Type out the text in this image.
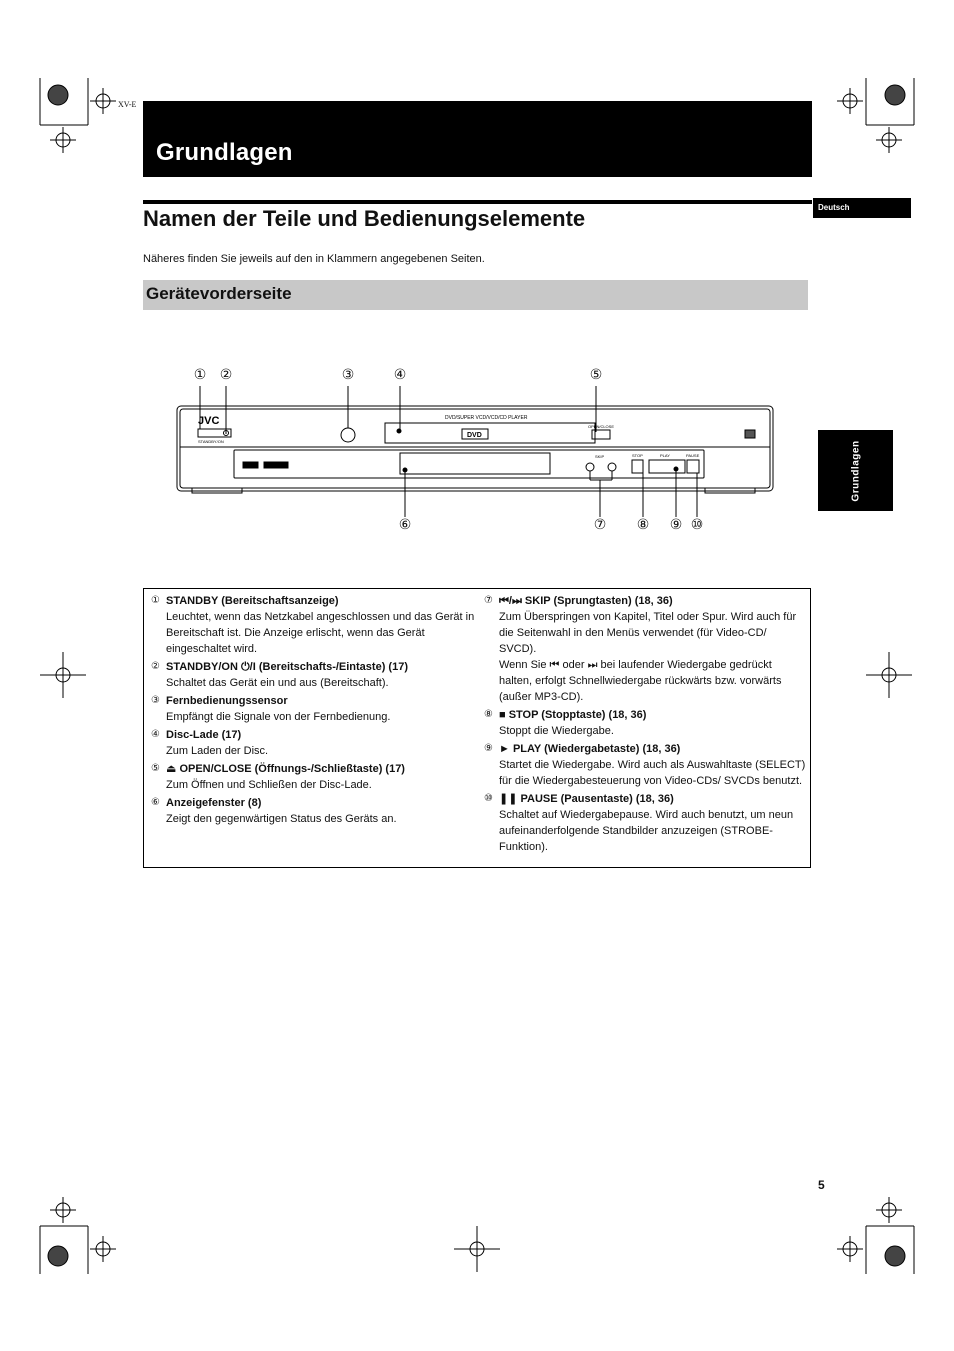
XV-E
Grundlagen
Deutsch
Grundlagen
Namen der Teile und Bedienungselemente
Näheres finden Sie jeweils auf den in Klammern angegebenen Seiten.
Gerätevorderseite
JVC	DVD/SUPER VCD/VCD/CD PLAYER
DVD
STANDBY/ON
OPEN/CLOSE
SKIP	STOP	PLAY	PAUSE
① ②	③	④	⑤
⑥	⑦ ⑧ ⑨ ⑩
① STANDBY (Bereitschaftsanzeige)
Leuchtet, wenn das Netzkabel angeschlossen und das Gerät in Bereitschaft ist. Die Anzeige erlischt, wenn das Gerät eingeschaltet wird.
② STANDBY/ON ⏻/I (Bereitschafts-/Eintaste) (17)
Schaltet das Gerät ein und aus (Bereitschaft).
③ Fernbedienungssensor
Empfängt die Signale von der Fernbedienung.
④ Disc-Lade (17)
Zum Laden der Disc.
⑤ ⏏ OPEN/CLOSE (Öffnungs-/Schließtaste) (17)
Zum Öffnen und Schließen der Disc-Lade.
⑥ Anzeigefenster (8)
Zeigt den gegenwärtigen Status des Geräts an.
⑦ ⏮/⏭ SKIP (Sprungtasten) (18, 36)
Zum Überspringen von Kapitel, Titel oder Spur. Wird auch für die Seitenwahl in den Menüs verwendet (für Video-CD/ SVCD).
Wenn Sie ⏮ oder ⏭ bei laufender Wiedergabe gedrückt halten, erfolgt Schnellwiedergabe rückwärts bzw. vorwärts (außer MP3-CD).
⑧ ■ STOP (Stopptaste) (18, 36)
Stoppt die Wiedergabe.
⑨ ► PLAY (Wiedergabetaste) (18, 36)
Startet die Wiedergabe. Wird auch als Auswahltaste (SELECT) für die Wiedergabesteuerung von Video-CDs/ SVCDs benutzt.
⑩ ❚❚ PAUSE (Pausentaste) (18, 36)
Schaltet auf Wiedergabepause. Wird auch benutzt, um neun aufeinanderfolgende Standbilder anzuzeigen (STROBE-Funktion).
5
